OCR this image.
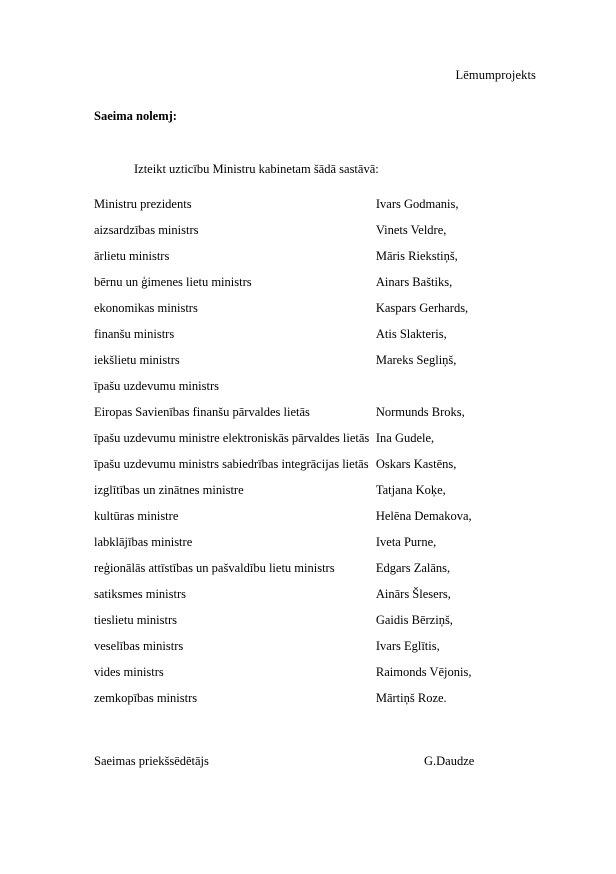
Lēmumprojekts
Saeima nolemj:
Izteikt uzticību Ministru kabinetam šādā sastāvā:
Ministru prezidents	Ivars Godmanis,
aizsardzības ministrs	Vinets Veldre,
ārlietu ministrs	Māris Riekstiņš,
bērnu un ģimenes lietu ministrs	Ainars Baštiks,
ekonomikas ministrs	Kaspars Gerhards,
finanšu ministrs	Atis Slakteris,
iekšlietu ministrs	Mareks Segliņš,
īpašu uzdevumu ministrs	
Eiropas Savienības finanšu pārvaldes lietās	Normunds Broks,
īpašu uzdevumu ministre elektroniskās pārvaldes lietās	Ina Gudele,
īpašu uzdevumu ministrs sabiedrības integrācijas lietās	Oskars Kastēns,
izglītības un zinātnes ministre	Tatjana Koķe,
kultūras ministre	Helēna Demakova,
labklājības ministre	Iveta Purne,
reģionālās attīstības un pašvaldību lietu ministrs	Edgars Zalāns,
satiksmes ministrs	Ainārs Šlesers,
tieslietu ministrs	Gaidis Bērziņš,
veselības ministrs	Ivars Eglītis,
vides ministrs	Raimonds Vējonis,
zemkopības ministrs	Mārtiņš Roze.
Saeimas priekšsēdētājs	G.Daudze
